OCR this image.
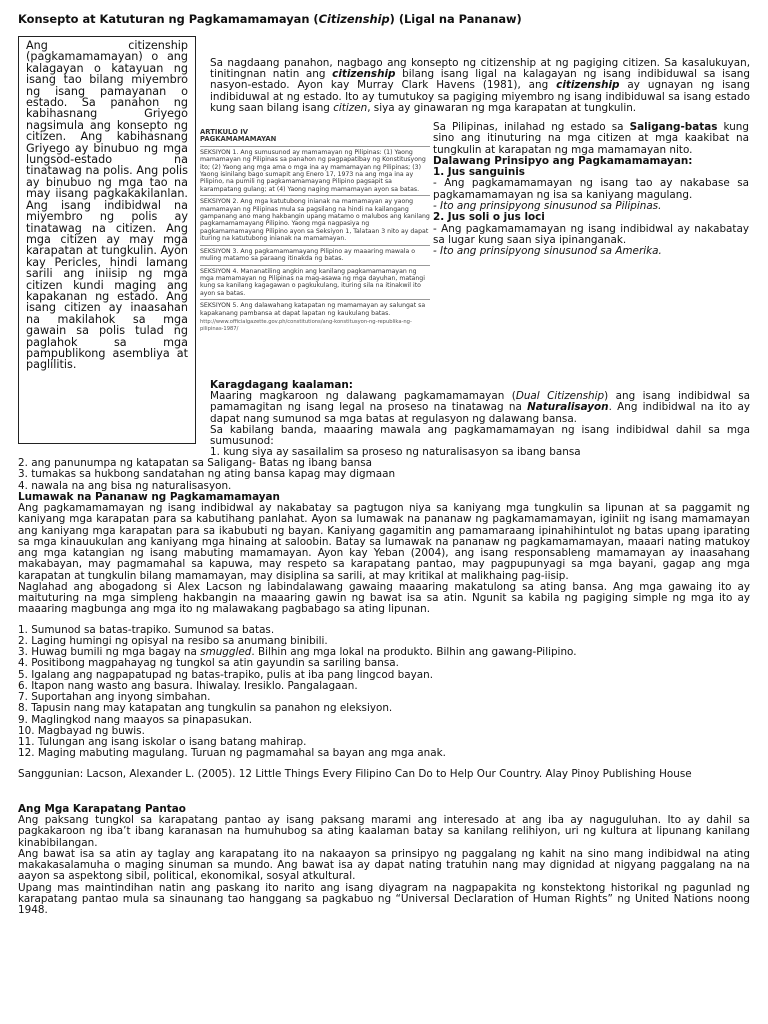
Konsepto at Katuturan ng Pagkamamamayan (Citizenship) (Ligal na Pananaw)
Ang citizenship (pagkamamamayan) o ang kalagayan o katayuan ng isang tao bilang miyembro ng isang pamayanan o estado. Sa panahon ng kabihasnang Griyego nagsimula ang konsepto ng citizen. Ang kabihasnang Griyego ay binubuo ng mga lungsod-estado na tinatawag na polis. Ang polis ay binubuo ng mga tao na may iisang pagkakakilanlan. Ang isang indibidwal na miyembro ng polis ay tinatawag na citizen. Ang mga citizen ay may mga karapatan at tungkulin. Ayon kay Pericles, hindi lamang sarili ang iniisip ng mga citizen kundi maging ang kapakanan ng estado. Ang isang citizen ay inaasahan na makilahok sa mga gawain sa polis tulad ng paglahok sa mga pampublikong asembliya at paglilitis.
Sa nagdaang panahon, nagbago ang konsepto ng citizenship at ng pagiging citizen. Sa kasalukuyan, tinitingnan natin ang citizenship bilang isang ligal na kalagayan ng isang indibiduwal sa isang nasyon-estado. Ayon kay Murray Clark Havens (1981), ang citizenship ay ugnayan ng isang indibiduwal at ng estado. Ito ay tumutukoy sa pagiging miyembro ng isang indibiduwal sa isang estado kung saan bilang isang citizen, siya ay ginawaran ng mga karapatan at tungkulin.
ARTIKULO IV
PAGKAMAMAMAYAN
SEKSIYON 1. Ang sumusunod ay mamamayan ng Pilipinas: (1) Yaong mamamayan ng Pilipinas sa panahon ng pagpapatibay ng Konstitusyong ito; (2) Yaong ang mga ama o mga ina ay mamamayan ng Pilipinas; (3) Yaong isinilang bago sumapit ang Enero 17, 1973 na ang mga ina ay Pilipino, na pumili ng pagkamamamayang Pilipino pagsapit sa karampatang gulang; at (4) Yaong naging mamamayan ayon sa batas.
SEKSIYON 2. Ang mga katutubong inianak na mamamayan ay yaong mamamayan ng Pilipinas mula sa pagsilang na hindi na kailangang gampanang ano mang hakbangin upang matamo o malubos ang kanilang pagkamamamayang Pilipino. Yaong mga nagpasiya ng pagkamamamayang Pilipino ayon sa Seksiyon 1, Talataan 3 nito ay dapat ituring na katutubong inianak na mamamayan.
SEKSIYON 3. Ang pagkamamamayang Pilipino ay maaaring mawala o muling matamo sa paraang itinakda ng batas.
SEKSIYON 4. Mananatiling angkin ang kanilang pagkamamamayan ng mga mamamayan ng Pilipinas na mag-asawa ng mga dayuhan, matangi kung sa kanilang kagagawan o pagkukulang, ituring sila na itinakwil ito ayon sa batas.
SEKSIYON 5. Ang dalawahang katapatan ng mamamayan ay salungat sa kapakanang pambansa at dapat lapatan ng kaukulang batas.
http://www.officialgazette.gov.ph/constitutions/ang-konstitusyon-ng-republika-ng-pilipinas-1987/

Sa Pilipinas, inilahad ng estado sa Saligang-batas kung sino ang itinuturing na mga citizen at mga kaakibat na tungkulin at karapatan ng mga mamamayan nito.

Dalawang Prinsipyo ang Pagkamamamayan:

1. Jus sanguinis

- Ang pagkamamamayan ng isang tao ay nakabase sa pagkamamamayan ng isa sa kaniyang magulang.

- Ito ang prinsipyong sinusunod sa Pilipinas.

2. Jus soli o jus loci

- Ang pagkamamamayan ng isang indibidwal ay nakabatay sa lugar kung saan siya ipinanganak.

- Ito ang prinsipyong sinusunod sa Amerika.

Karagdagang kaalaman:
Maaring magkaroon ng dalawang pagkamamamayan (Dual Citizenship) ang isang indibidwal sa pamamagitan ng isang legal na proseso na tinatawag na Naturalisayon. Ang indibidwal na ito ay dapat nang sumunod sa mga batas at regulasyon ng dalawang bansa.
Sa kabilang banda, maaaring mawala ang pagkamamamayan ng isang indibidwal dahil sa mga sumusunod:
1. kung siya ay sasailalim sa proseso ng naturalisasyon sa ibang bansa

2. ang panunumpa ng katapatan sa Saligang- Batas ng ibang bansa

3. tumakas sa hukbong sandatahan ng ating bansa kapag may digmaan

4. nawala na ang bisa ng naturalisasyon.

Lumawak na Pananaw ng Pagkamamamayan

Ang pagkamamamayan ng isang indibidwal ay nakabatay sa pagtugon niya sa kaniyang mga tungkulin sa lipunan at sa paggamit ng kaniyang mga karapatan para sa kabutihang panlahat. Ayon sa lumawak na pananaw ng pagkamamamayan, iginiit ng isang mamamayan ang kaniyang mga karapatan para sa ikabubuti ng bayan. Kaniyang gagamitin ang pamamaraang ipinahihintulot ng batas upang iparating sa mga kinauukulan ang kaniyang mga hinaing at saloobin. Batay sa lumawak na pananaw ng pagkamamamayan, maaari nating matukoy ang mga katangian ng isang mabuting mamamayan. Ayon kay Yeban (2004), ang isang responsableng mamamayan ay inaasahang makabayan, may pagmamahal sa kapuwa, may respeto sa karapatang pantao, may pagpupunyagi sa mga bayani, gagap ang mga karapatan at tungkulin bilang mamamayan, may disiplina sa sarili, at may kritikal at malikhaing pag-iisip.

Naglahad ang abogadong si Alex Lacson ng labindalawang gawaing maaaring makatulong sa ating bansa. Ang mga gawaing ito ay maituturing na mga simpleng hakbangin na maaaring gawin ng bawat isa sa atin. Ngunit sa kabila ng pagiging simple ng mga ito ay maaaring magbunga ang mga ito ng malawakang pagbabago sa ating lipunan.

1. Sumunod sa batas-trapiko. Sumunod sa batas.

2. Laging humingi ng opisyal na resibo sa anumang binibili.

3. Huwag bumili ng mga bagay na smuggled. Bilhin ang mga lokal na produkto. Bilhin ang gawang-Pilipino.

4. Positibong magpahayag ng tungkol sa atin gayundin sa sariling bansa.

5. Igalang ang nagpapatupad ng batas-trapiko, pulis at iba pang lingcod bayan.

6. Itapon nang wasto ang basura. Ihiwalay. Iresiklo. Pangalagaan.

7. Suportahan ang inyong simbahan.

8. Tapusin nang may katapatan ang tungkulin sa panahon ng eleksiyon.

9. Maglingkod nang maayos sa pinapasukan.

10. Magbayad ng buwis.

11. Tulungan ang isang iskolar o isang batang mahirap.

12. Maging mabuting magulang. Turuan ng pagmamahal sa bayan ang mga anak.

Sanggunian: Lacson, Alexander L. (2005). 12 Little Things Every Filipino Can Do to Help Our Country. Alay Pinoy Publishing House

Ang Mga Karapatang Pantao

Ang paksang tungkol sa karapatang pantao ay isang paksang marami ang interesado at ang iba ay naguguluhan. Ito ay dahil sa pagkakaroon ng iba’t ibang karanasan na humuhubog sa ating kaalaman batay sa kanilang relihiyon, uri ng kultura at lipunang kanilang kinabibilangan.

Ang bawat isa sa atin ay taglay ang karapatang ito na nakaayon sa prinsipyo ng paggalang ng kahit na sino mang indibidwal na ating makakasalamuha o maging sinuman sa mundo. Ang bawat isa ay dapat nating tratuhin nang may dignidad at nigyang paggalang na na aayon sa aspektong sibil, political, ekonomikal, sosyal atkultural.

Upang mas maintindihan natin ang paskang ito narito ang isang diyagram na nagpapakita ng konstektong historikal ng pagunlad ng karapatang pantao mula sa sinaunang tao hanggang sa pagkabuo ng “Universal Declaration of Human Rights” ng United Nations noong 1948.
